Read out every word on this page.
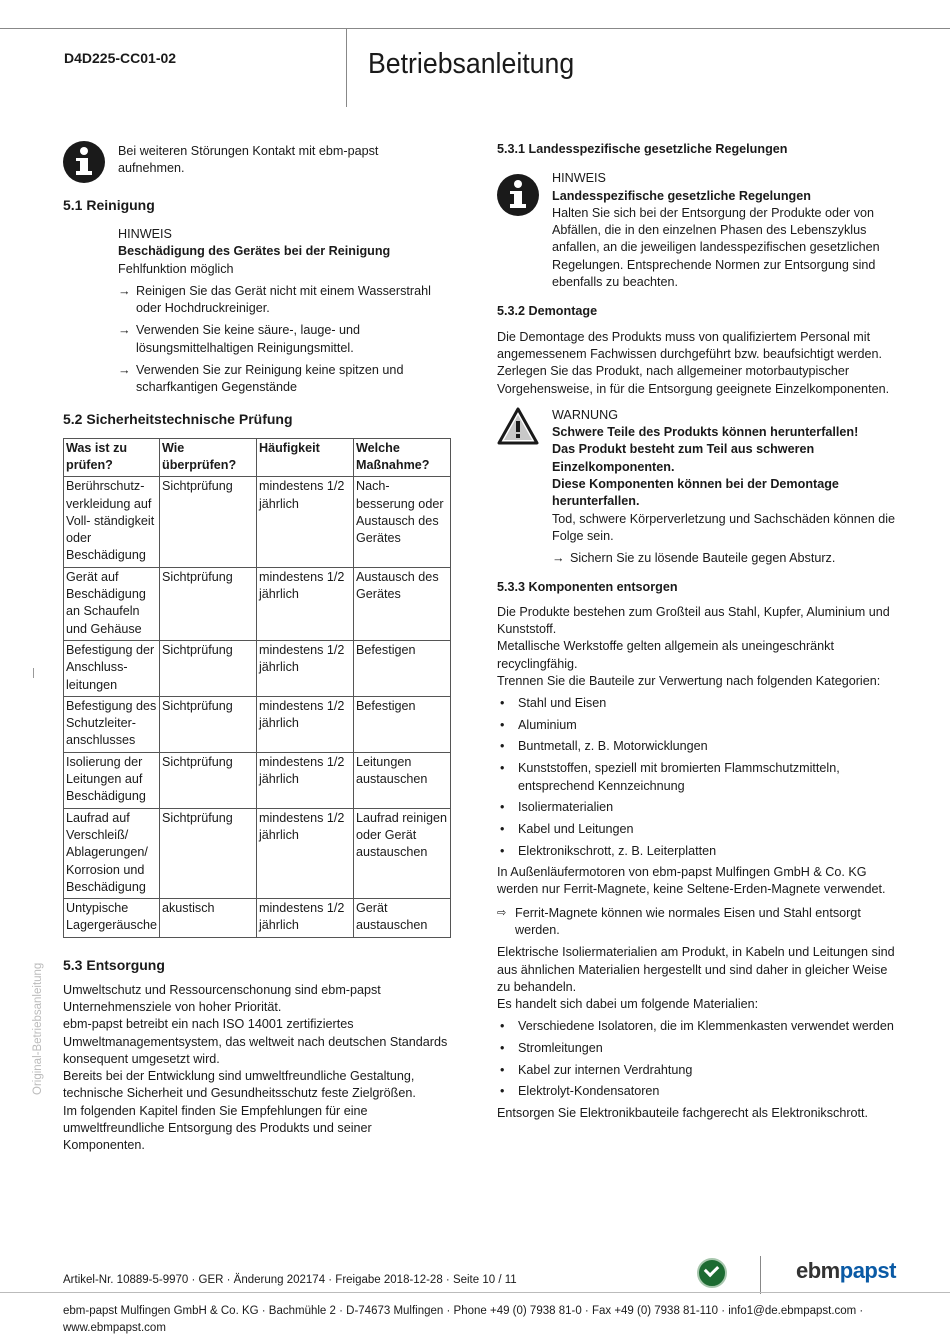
D4D225-CC01-02	Betriebsanleitung
Original-Betriebsanleitung
Bei weiteren Störungen Kontakt mit ebm-papst aufnehmen.
5.1 Reinigung
HINWEIS
Beschädigung des Gerätes bei der Reinigung
Fehlfunktion möglich
→ Reinigen Sie das Gerät nicht mit einem Wasserstrahl oder Hochdruckreiniger.
→ Verwenden Sie keine säure-, lauge- und lösungsmittelhaltigen Reinigungsmittel.
→ Verwenden Sie zur Reinigung keine spitzen und scharfkantigen Gegenstände
5.2 Sicherheitstechnische Prüfung
Was ist zu prüfen?	Wie überprüfen?	Häufigkeit	Welche Maßnahme?
Berührschutz-verkleidung auf Voll- ständigkeit oder Beschädigung	Sichtprüfung	mindestens 1/2 jährlich	Nach-besserung oder Austausch des Gerätes
Gerät auf Beschädigung an Schaufeln und Gehäuse	Sichtprüfung	mindestens 1/2 jährlich	Austausch des Gerätes
Befestigung der Anschluss-leitungen	Sichtprüfung	mindestens 1/2 jährlich	Befestigen
Befestigung des Schutzleiter-anschlusses	Sichtprüfung	mindestens 1/2 jährlich	Befestigen
Isolierung der Leitungen auf Beschädigung	Sichtprüfung	mindestens 1/2 jährlich	Leitungen austauschen
Laufrad auf Verschleiß/ Ablagerungen/ Korrosion und Beschädigung	Sichtprüfung	mindestens 1/2 jährlich	Laufrad reinigen oder Gerät austauschen
Untypische Lagergeräusche	akustisch	mindestens 1/2 jährlich	Gerät austauschen
5.3 Entsorgung
Umweltschutz und Ressourcenschonung sind ebm-papst Unternehmensziele von hoher Priorität.
ebm-papst betreibt ein nach ISO 14001 zertifiziertes Umweltmanagementsystem, das weltweit nach deutschen Standards konsequent umgesetzt wird.
Bereits bei der Entwicklung sind umweltfreundliche Gestaltung, technische Sicherheit und Gesundheitsschutz feste Zielgrößen.
Im folgenden Kapitel finden Sie Empfehlungen für eine umweltfreundliche Entsorgung des Produkts und seiner Komponenten.
5.3.1 Landesspezifische gesetzliche Regelungen
HINWEIS
Landesspezifische gesetzliche Regelungen
Halten Sie sich bei der Entsorgung der Produkte oder von Abfällen, die in den einzelnen Phasen des Lebenszyklus anfallen, an die jeweiligen landesspezifischen gesetzlichen Regelungen. Entsprechende Normen zur Entsorgung sind ebenfalls zu beachten.
5.3.2 Demontage
Die Demontage des Produkts muss von qualifiziertem Personal mit angemessenem Fachwissen durchgeführt bzw. beaufsichtigt werden. Zerlegen Sie das Produkt, nach allgemeiner motorbautypischer Vorgehensweise, in für die Entsorgung geeignete Einzelkomponenten.
WARNUNG
Schwere Teile des Produkts können herunterfallen!
Das Produkt besteht zum Teil aus schweren Einzelkomponenten.
Diese Komponenten können bei der Demontage herunterfallen.
Tod, schwere Körperverletzung und Sachschäden können die Folge sein.
→ Sichern Sie zu lösende Bauteile gegen Absturz.
5.3.3 Komponenten entsorgen
Die Produkte bestehen zum Großteil aus Stahl, Kupfer, Aluminium und Kunststoff.
Metallische Werkstoffe gelten allgemein als uneingeschränkt recyclingfähig.
Trennen Sie die Bauteile zur Verwertung nach folgenden Kategorien:
•	Stahl und Eisen
•	Aluminium
•	Buntmetall, z. B. Motorwicklungen
•	Kunststoffen, speziell mit bromierten Flammschutzmitteln, entsprechend Kennzeichnung
•	Isoliermaterialien
•	Kabel und Leitungen
•	Elektronikschrott, z. B. Leiterplatten
In Außenläufermotoren von ebm-papst Mulfingen GmbH & Co. KG werden nur Ferrit-Magnete, keine Seltene-Erden-Magnete verwendet.
⇨ Ferrit-Magnete können wie normales Eisen und Stahl entsorgt werden.
Elektrische Isoliermaterialien am Produkt, in Kabeln und Leitungen sind aus ähnlichen Materialien hergestellt und sind daher in gleicher Weise zu behandeln.
Es handelt sich dabei um folgende Materialien:
•	Verschiedene Isolatoren, die im Klemmenkasten verwendet werden
•	Stromleitungen
•	Kabel zur internen Verdrahtung
•	Elektrolyt-Kondensatoren
Entsorgen Sie Elektronikbauteile fachgerecht als Elektronikschrott.
Artikel-Nr. 10889-5-9970 · GER · Änderung 202174 · Freigabe 2018-12-28 · Seite 10 / 11	ebmpapst
ebm-papst Mulfingen GmbH & Co. KG · Bachmühle 2 · D-74673 Mulfingen · Phone +49 (0) 7938 81-0 · Fax +49 (0) 7938 81-110 · info1@de.ebmpapst.com · www.ebmpapst.com
